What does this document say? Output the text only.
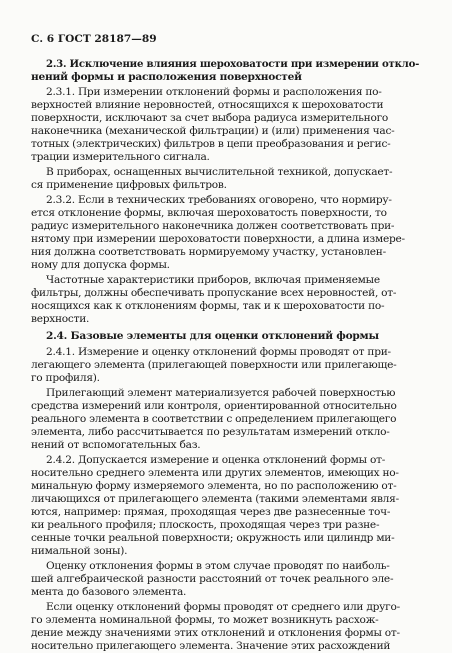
С. 6 ГОСТ 28187—89
2.3. Исключение влияния шероховатости при измерении откло-
нений формы и расположения поверхностей
2.3.1. При измерении отклонений формы и расположения по-
верхностей влияние неровностей, относящихся к шероховатости
поверхности, исключают за счет выбора радиуса измерительного
наконечника (механической фильтрации) и (или) применения час-
тотных (электрических) фильтров в цепи преобразования и регис-
трации измерительного сигнала.
В приборах, оснащенных вычислительной техникой, допускает-
ся применение цифровых фильтров.
2.3.2. Если в технических требованиях оговорено, что нормиру-
ется отклонение формы, включая шероховатость поверхности, то
радиус измерительного наконечника должен соответствовать при-
нятому при измерении шероховатости поверхности, а длина измере-
ния должна соответствовать нормируемому участку, установлен-
ному для допуска формы.
Частотные характеристики приборов, включая применяемые
фильтры, должны обеспечивать пропускание всех неровностей, от-
носящихся как к отклонениям формы, так и к шероховатости по-
верхности.
2.4. Базовые элементы для оценки отклонений формы
2.4.1. Измерение и оценку отклонений формы проводят от при-
легающего элемента (прилегающей поверхности или прилегающе-
го профиля).
Прилегающий элемент материализуется рабочей поверхностью
средства измерений или контроля, ориентированной относительно
реального элемента в соответствии с определением прилегающего
элемента, либо рассчитывается по результатам измерений откло-
нений от вспомогательных баз.
2.4.2. Допускается измерение и оценка отклонений формы от-
носительно среднего элемента или других элементов, имеющих но-
минальную форму измеряемого элемента, но по расположению от-
личающихся от прилегающего элемента (такими элементами явля-
ются, например: прямая, проходящая через две разнесенные точ-
ки реального профиля; плоскость, проходящая через три разне-
сенные точки реальной поверхности; окружность или цилиндр ми-
нимальной зоны).
Оценку отклонения формы в этом случае проводят по наиболь-
шей алгебраической разности расстояний от точек реального эле-
мента до базового элемента.
Если оценку отклонений формы проводят от среднего или друго-
го элемента номинальной формы, то может возникнуть расхож-
дение между значениями этих отклонений и отклонения формы от-
носительно прилегающего элемента. Значение этих расхождений
